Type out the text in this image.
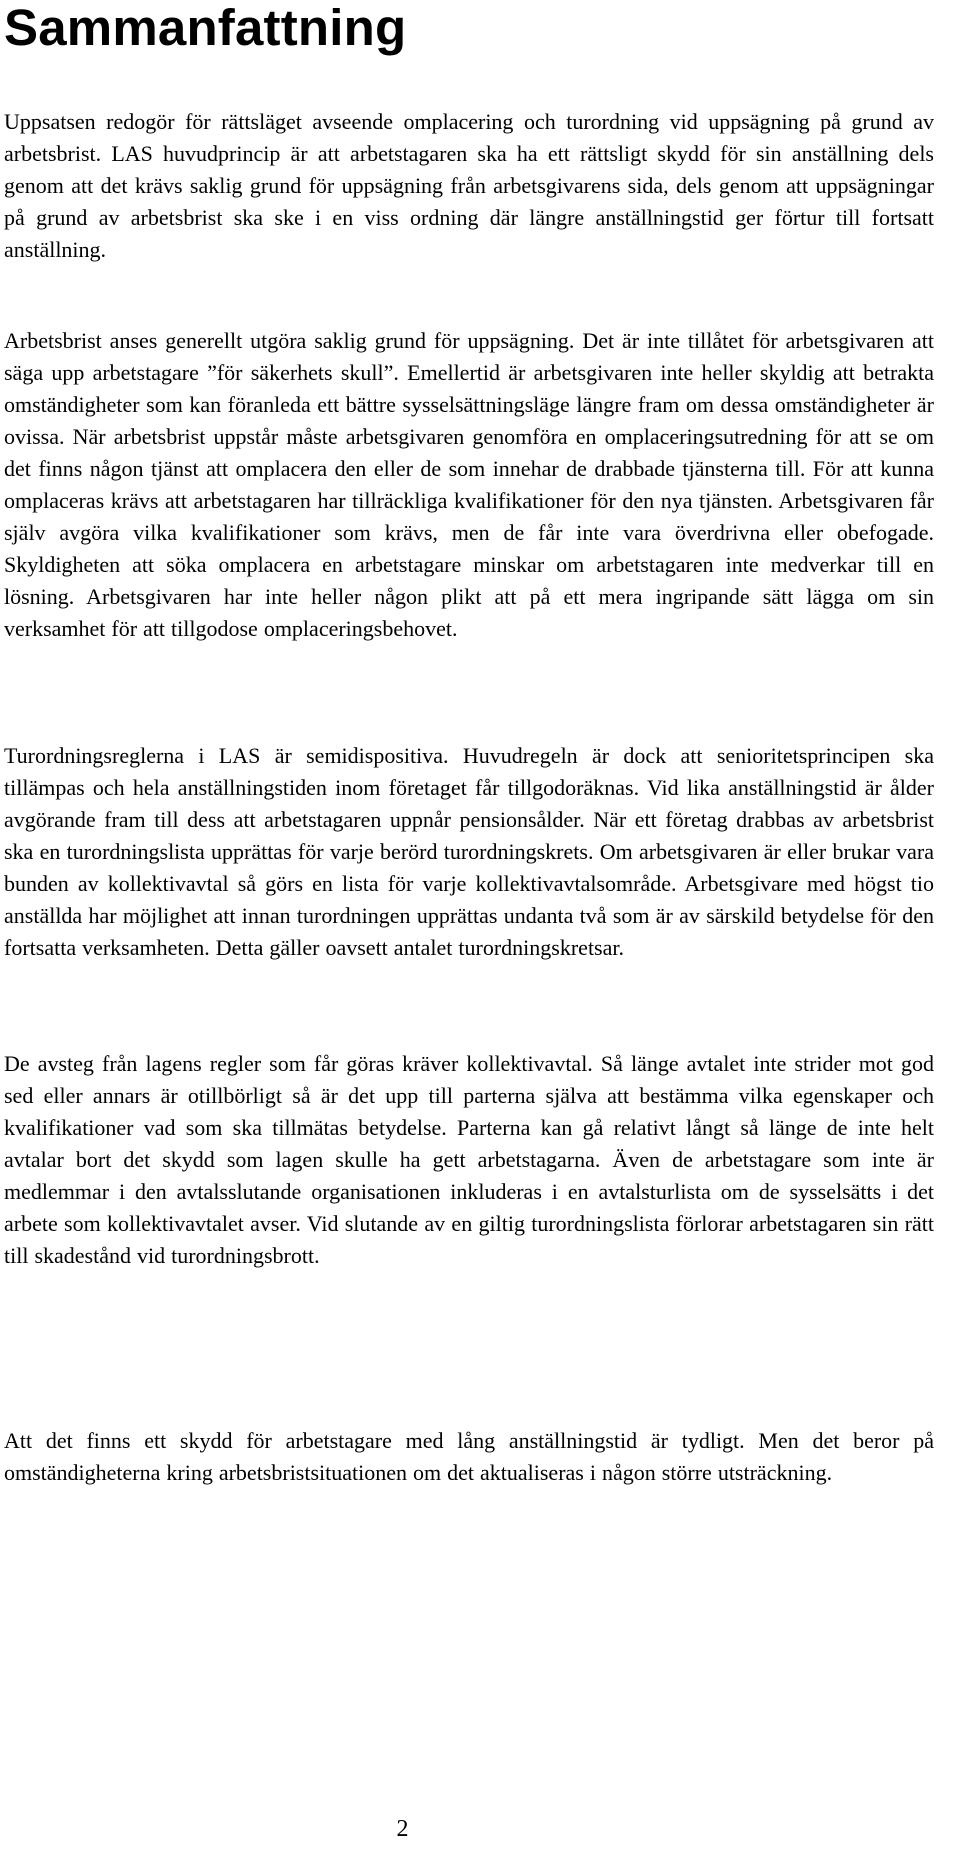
Sammanfattning

Uppsatsen redogör för rättsläget avseende omplacering och turordning vid uppsägning på grund av arbetsbrist. LAS huvudprincip är att arbetstagaren ska ha ett rättsligt skydd för sin anställning dels genom att det krävs saklig grund för uppsägning från arbetsgivarens sida, dels genom att uppsägningar på grund av arbetsbrist ska ske i en viss ordning där längre anställningstid ger förtur till fortsatt anställning.

Arbetsbrist anses generellt utgöra saklig grund för uppsägning. Det är inte tillåtet för arbetsgivaren att säga upp arbetstagare ”för säkerhets skull”. Emellertid är arbetsgivaren inte heller skyldig att betrakta omständigheter som kan föranleda ett bättre sysselsättningsläge längre fram om dessa omständigheter är ovissa. När arbetsbrist uppstår måste arbetsgivaren genomföra en omplaceringsutredning för att se om det finns någon tjänst att omplacera den eller de som innehar de drabbade tjänsterna till. För att kunna omplaceras krävs att arbetstagaren har tillräckliga kvalifikationer för den nya tjänsten. Arbetsgivaren får själv avgöra vilka kvalifikationer som krävs, men de får inte vara överdrivna eller obefogade. Skyldigheten att söka omplacera en arbetstagare minskar om arbetstagaren inte medverkar till en lösning. Arbetsgivaren har inte heller någon plikt att på ett mera ingripande sätt lägga om sin verksamhet för att tillgodose omplaceringsbehovet.

Turordningsreglerna i LAS är semidispositiva. Huvudregeln är dock att senioritetsprincipen ska tillämpas och hela anställningstiden inom företaget får tillgodoräknas. Vid lika anställningstid är ålder avgörande fram till dess att arbetstagaren uppnår pensionsålder. När ett företag drabbas av arbetsbrist ska en turordningslista upprättas för varje berörd turordningskrets. Om arbetsgivaren är eller brukar vara bunden av kollektivavtal så görs en lista för varje kollektivavtalsområde. Arbetsgivare med högst tio anställda har möjlighet att innan turordningen upprättas undanta två som är av särskild betydelse för den fortsatta verksamheten. Detta gäller oavsett antalet turordningskretsar.

De avsteg från lagens regler som får göras kräver kollektivavtal. Så länge avtalet inte strider mot god sed eller annars är otillbörligt så är det upp till parterna själva att bestämma vilka egenskaper och kvalifikationer vad som ska tillmätas betydelse. Parterna kan gå relativt långt så länge de inte helt avtalar bort det skydd som lagen skulle ha gett arbetstagarna. Även de arbetstagare som inte är medlemmar i den avtalsslutande organisationen inkluderas i en avtalsturlista om de sysselsätts i det arbete som kollektivavtalet avser. Vid slutande av en giltig turordningslista förlorar arbetstagaren sin rätt till skadestånd vid turordningsbrott.

Att det finns ett skydd för arbetstagare med lång anställningstid är tydligt. Men det beror på omständigheterna kring arbetsbristsituationen om det aktualiseras i någon större utsträckning.

2
